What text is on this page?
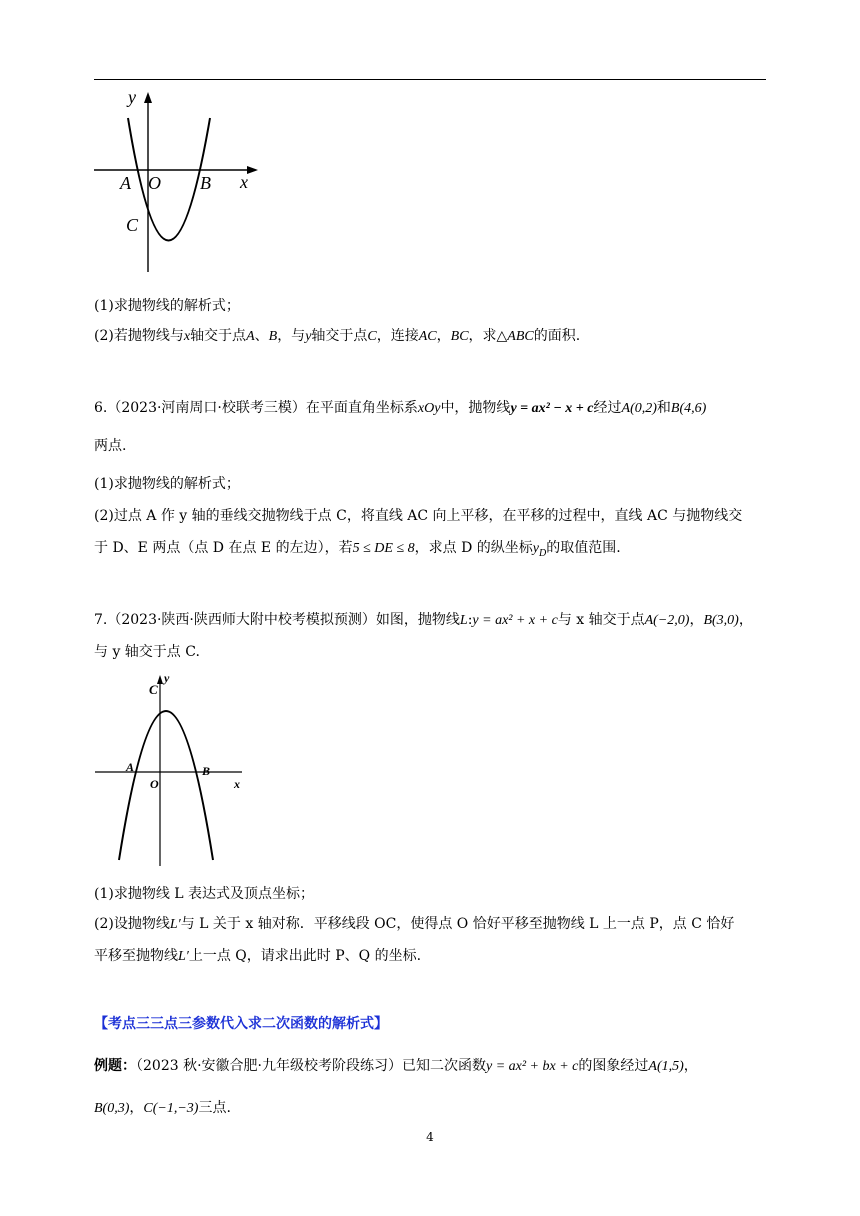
y
x
A O B
C
(1)求抛物线的解析式；
(2)若抛物线与x轴交于点A、B，与y轴交于点C，连接AC，BC，求△ABC的面积.
6.（2023·河南周口·校联考三模）在平面直角坐标系xOy中，抛物线y = ax² − x + c经过A(0,2)和B(4,6)
两点.
(1)求抛物线的解析式；
(2)过点 A 作 y 轴的垂线交抛物线于点 C，将直线 AC 向上平移，在平移的过程中，直线 AC 与抛物线交
于 D、E 两点（点 D 在点 E 的左边），若5 ≤ DE ≤ 8，求点 D 的纵坐标$y_D$的取值范围.
7.（2023·陕西·陕西师大附中校考模拟预测）如图，抛物线L:y = ax² + x + c与 x 轴交于点A(−2,0)，B(3,0)，
与 y 轴交于点 C.
y
x
C
A
O
B
(1)求抛物线 L 表达式及顶点坐标；
(2)设抛物线L′与 L 关于 x 轴对称．平移线段 OC，使得点 O 恰好平移至抛物线 L 上一点 P，点 C 恰好
平移至抛物线L′上一点 Q，请求出此时 P、Q 的坐标.
【考点三三点三参数代入求二次函数的解析式】
例题：（2023 秋·安徽合肥·九年级校考阶段练习）已知二次函数y = ax² + bx + c的图象经过A(1,5)，
B(0,3)，C(−1,−3)三点.
4
